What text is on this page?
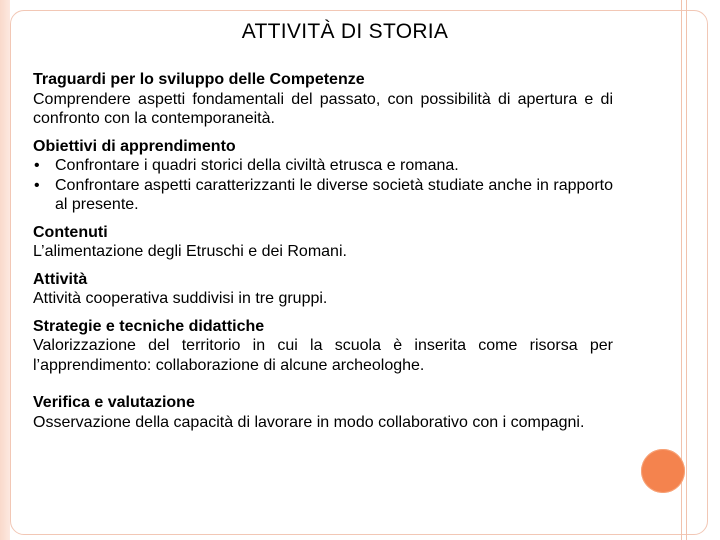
ATTIVITÀ DI STORIA
Traguardi per lo sviluppo delle Competenze

Comprendere aspetti fondamentali del passato, con possibilità di apertura e di confronto con la contemporaneità.

Obiettivi di apprendimento
• Confrontare i quadri storici della civiltà etrusca e romana.
• Confrontare aspetti caratterizzanti le diverse società studiate anche in rapporto al presente.
Contenuti

L’alimentazione degli Etruschi e dei Romani.

Attività

Attività cooperativa suddivisi in tre gruppi.

Strategie e tecniche didattiche

Valorizzazione del territorio in cui la scuola è inserita come risorsa per l’apprendimento: collaborazione di alcune archeologhe.

Verifica e valutazione

Osservazione della capacità di lavorare in modo collaborativo con i compagni.
